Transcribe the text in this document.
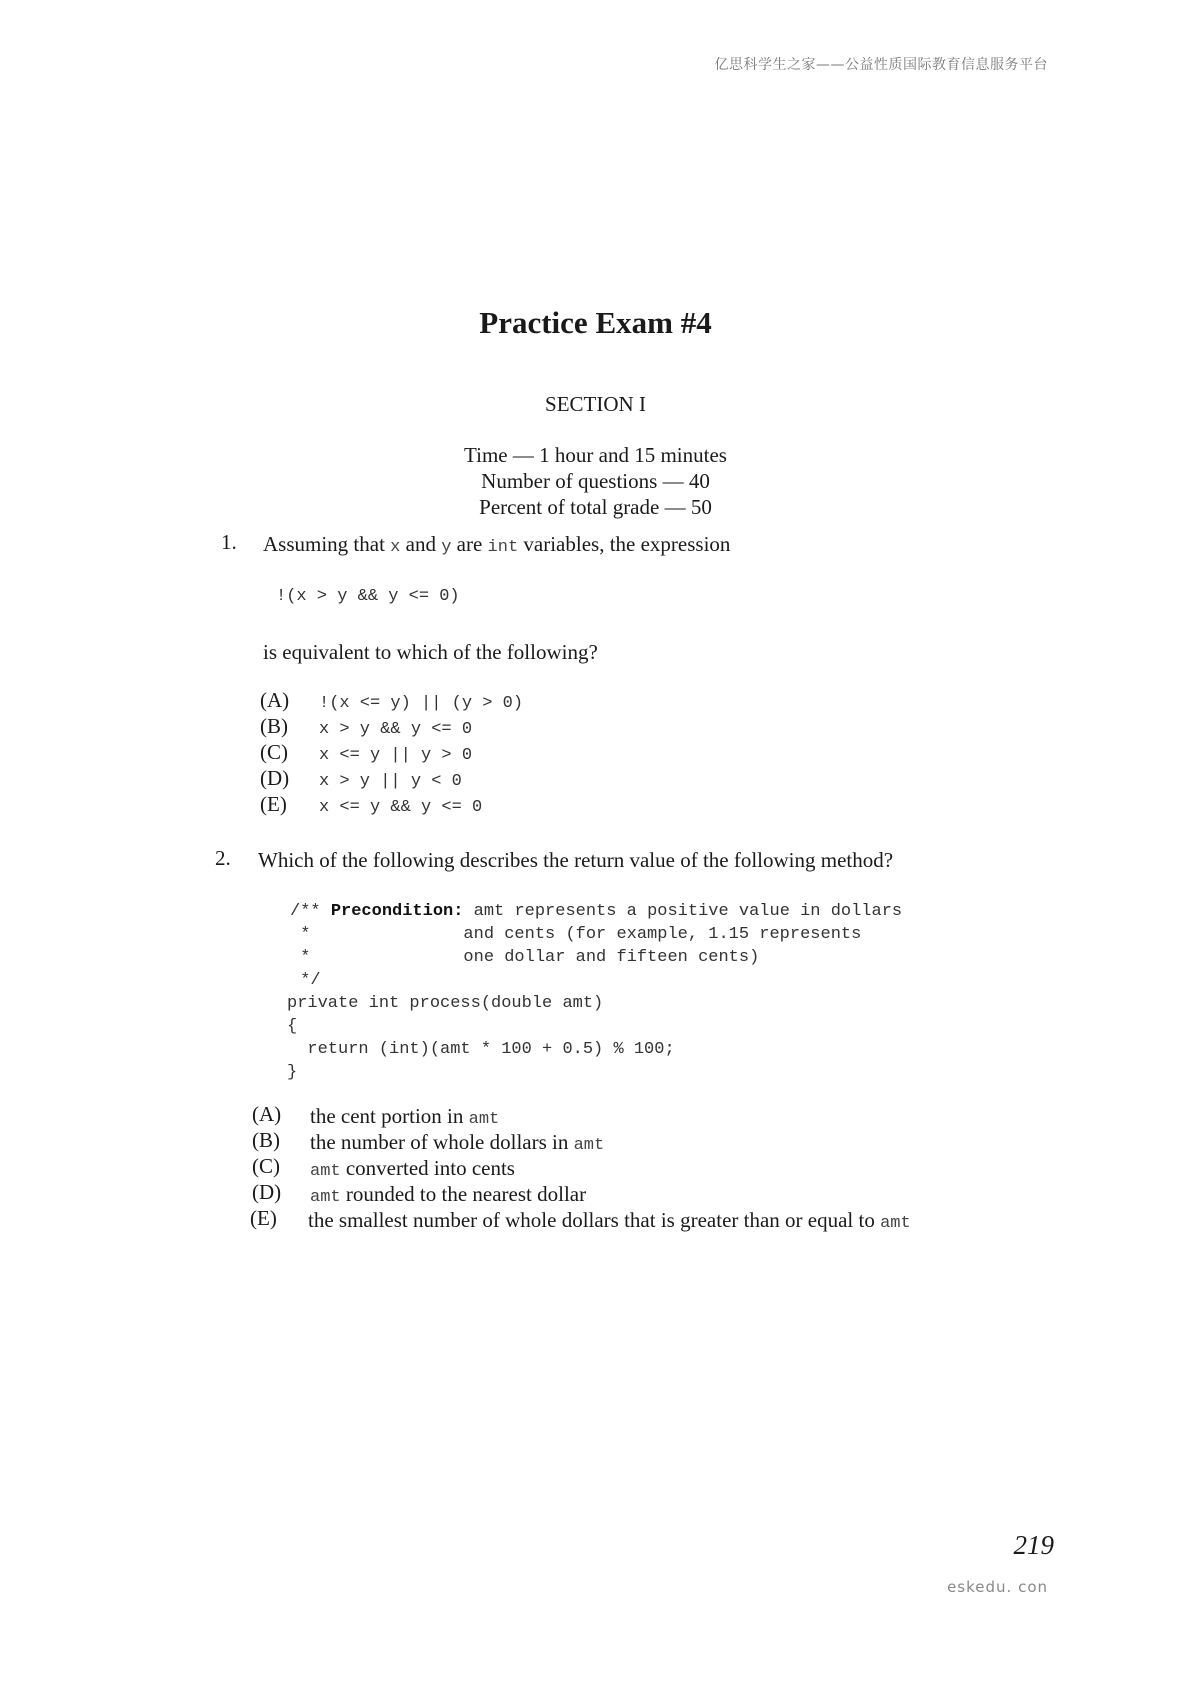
亿思科学生之家——公益性质国际教育信息服务平台
Practice Exam #4
SECTION I
Time — 1 hour and 15 minutes
Number of questions — 40
Percent of total grade — 50
1. Assuming that x and y are int variables, the expression
!(x > y && y <= 0)
is equivalent to which of the following?
(A) !(x <= y) || (y > 0)
(B) x > y && y <= 0
(C) x <= y || y > 0
(D) x > y || y < 0
(E) x <= y && y <= 0
2. Which of the following describes the return value of the following method?
/** Precondition: amt represents a positive value in dollars
*               and cents (for example, 1.15 represents
*               one dollar and fifteen cents)
*/
private int process(double amt)
{
return (int)(amt * 100 + 0.5) % 100;
}
(A) the cent portion in amt
(B) the number of whole dollars in amt
(C) amt converted into cents
(D) amt rounded to the nearest dollar
(E) the smallest number of whole dollars that is greater than or equal to amt
219
eskedu. con
